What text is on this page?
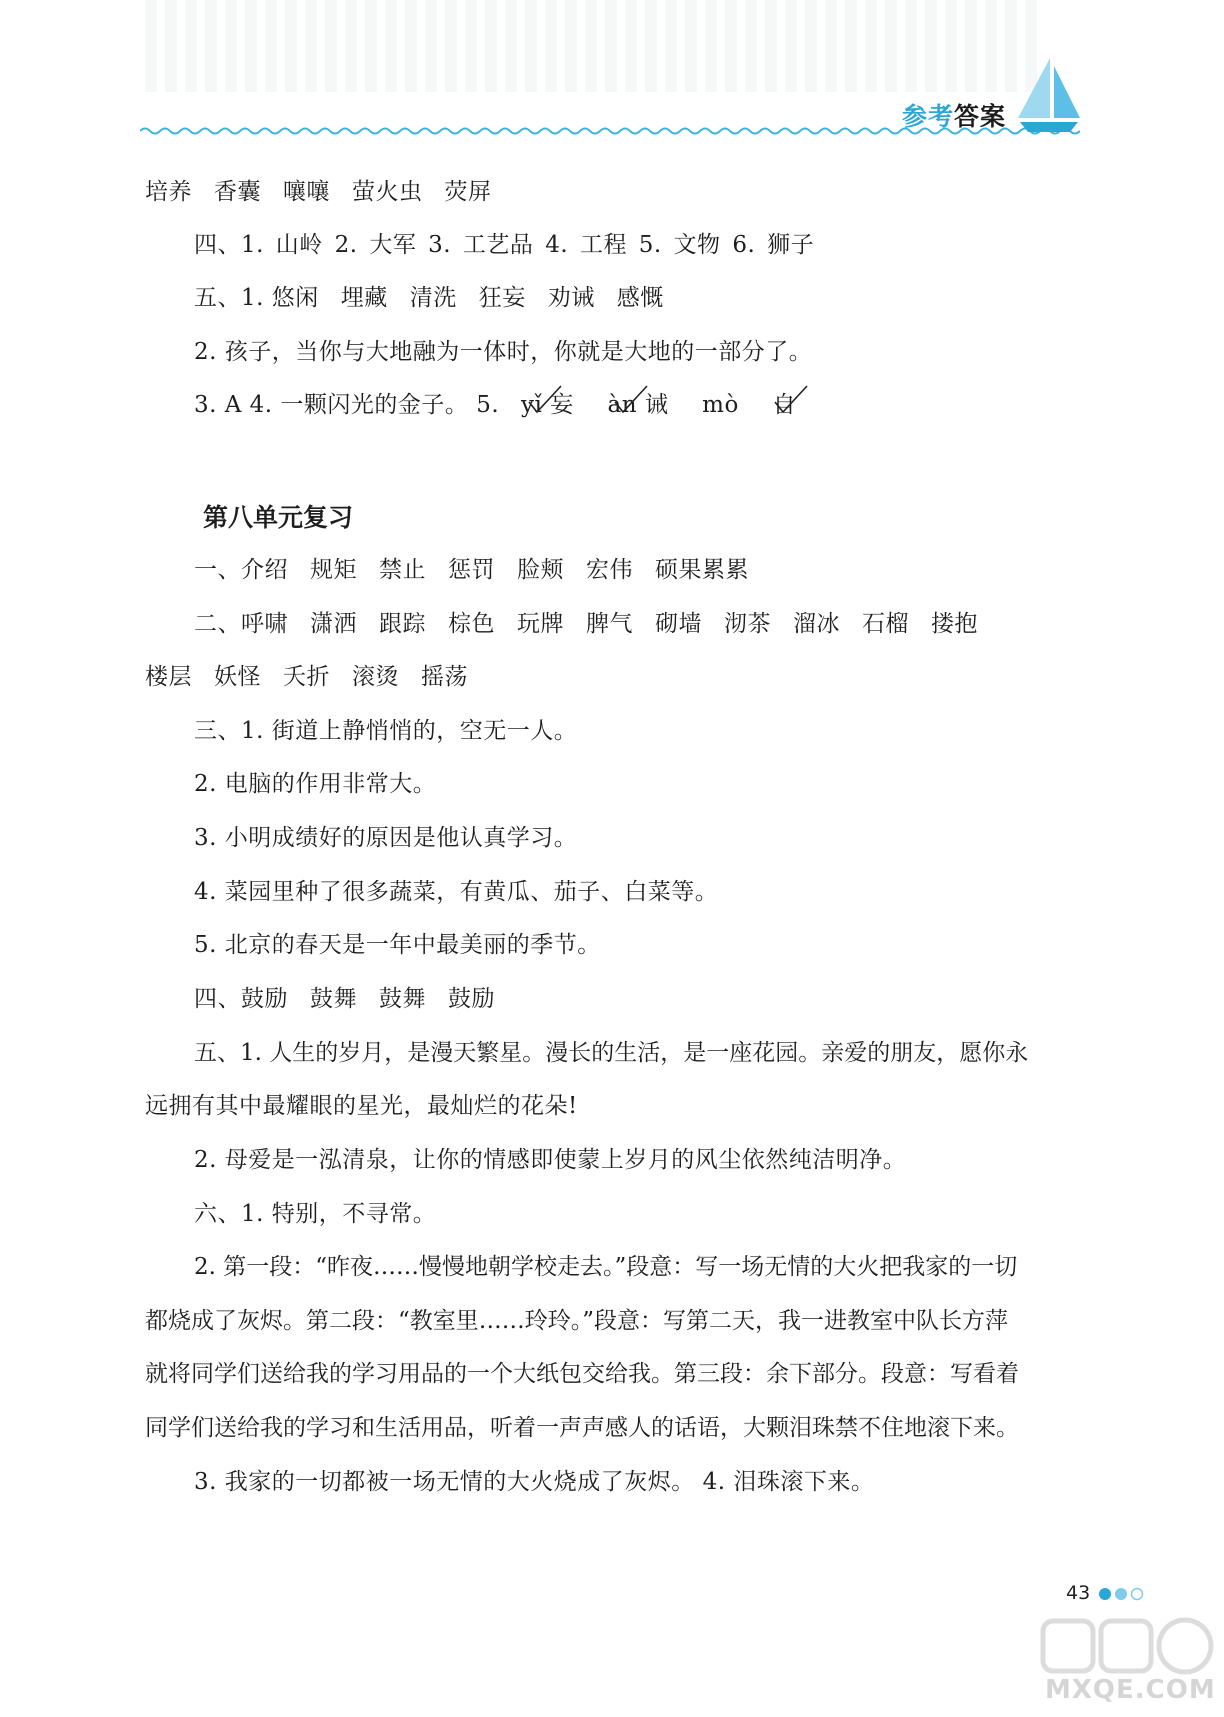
参考答案
培养 香囊 嚷嚷 萤火虫 荧屏
四、1. 山岭 2. 大军 3. 工艺品 4. 工程 5. 文物 6. 狮子
五、1. 悠闲 埋藏 清洗 狂妄 劝诫 感慨
2. 孩子，当你与大地融为一体时，你就是大地的一部分了。
3. A 4. 一颗闪光的金子。 5. yǐ 妄 àn 诫 mò 自
第八单元复习
一、介绍 规矩 禁止 惩罚 脸颊 宏伟 硕果累累
二、呼啸 潇洒 跟踪 棕色 玩牌 脾气 砌墙 沏茶 溜冰 石榴 搂抱
楼层 妖怪 夭折 滚烫 摇荡
三、1. 街道上静悄悄的，空无一人。
2. 电脑的作用非常大。
3. 小明成绩好的原因是他认真学习。
4. 菜园里种了很多蔬菜，有黄瓜、茄子、白菜等。
5. 北京的春天是一年中最美丽的季节。
四、鼓励 鼓舞 鼓舞 鼓励
五、1. 人生的岁月，是漫天繁星。漫长的生活，是一座花园。亲爱的朋友，愿你永
远拥有其中最耀眼的星光，最灿烂的花朵!
2. 母爱是一泓清泉，让你的情感即使蒙上岁月的风尘依然纯洁明净。
六、1. 特别，不寻常。
2. 第一段：“昨夜……慢慢地朝学校走去。”段意：写一场无情的大火把我家的一切
都烧成了灰烬。第二段：“教室里……玲玲。”段意：写第二天，我一进教室中队长方萍
就将同学们送给我的学习用品的一个大纸包交给我。第三段：余下部分。段意：写看着
同学们送给我的学习和生活用品，听着一声声感人的话语，大颗泪珠禁不住地滚下来。
3. 我家的一切都被一场无情的大火烧成了灰烬。 4. 泪珠滚下来。
43
MXQE.COM
